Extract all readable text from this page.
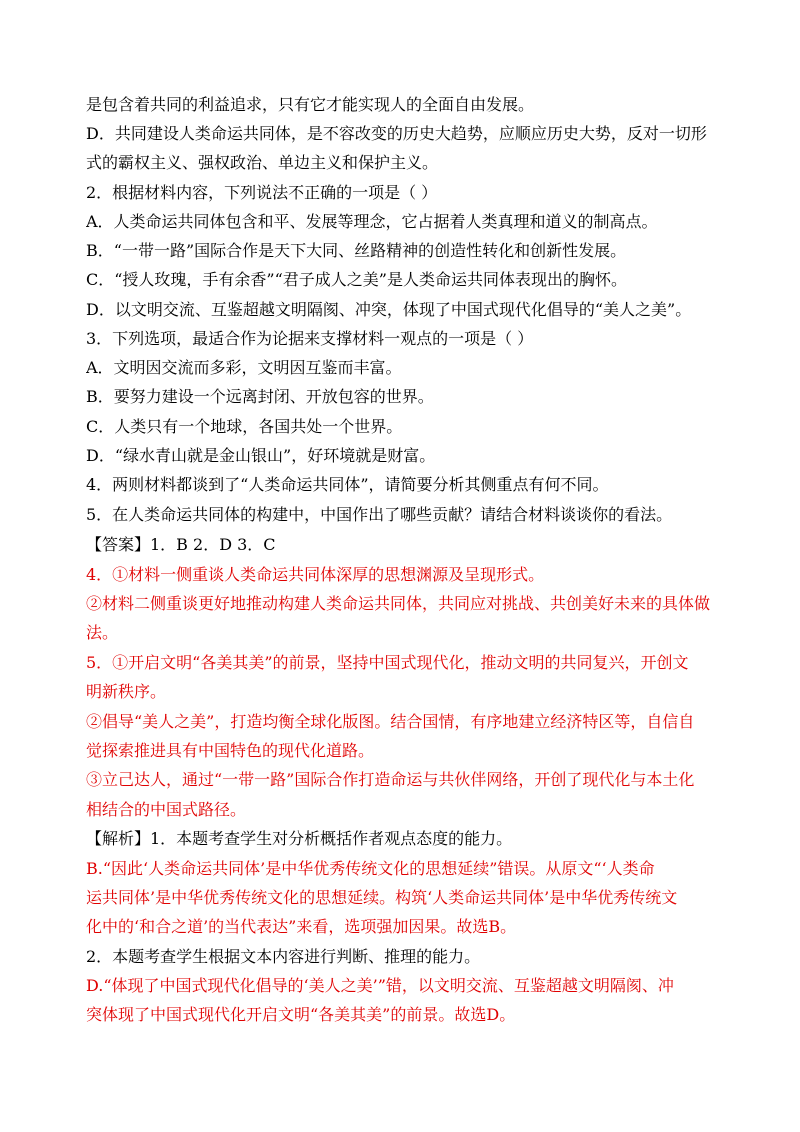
是包含着共同的利益追求，只有它才能实现人的全面自由发展。
D．共同建设人类命运共同体，是不容改变的历史大趋势，应顺应历史大势，反对一切形
式的霸权主义、强权政治、单边主义和保护主义。
2．根据材料内容，下列说法不正确的一项是（ ）
A．人类命运共同体包含和平、发展等理念，它占据着人类真理和道义的制高点。
B．“一带一路”国际合作是天下大同、丝路精神的创造性转化和创新性发展。
C．“授人玫瑰，手有余香”“君子成人之美”是人类命运共同体表现出的胸怀。
D．以文明交流、互鉴超越文明隔阂、冲突，体现了中国式现代化倡导的“美人之美”。
3．下列选项，最适合作为论据来支撑材料一观点的一项是（ ）
A．文明因交流而多彩，文明因互鉴而丰富。
B．要努力建设一个远离封闭、开放包容的世界。
C．人类只有一个地球，各国共处一个世界。
D．“绿水青山就是金山银山”，好环境就是财富。
4．两则材料都谈到了“人类命运共同体”，请简要分析其侧重点有何不同。
5．在人类命运共同体的构建中，中国作出了哪些贡献？请结合材料谈谈你的看法。
【答案】1．B 2．D 3．C
4．①材料一侧重谈人类命运共同体深厚的思想渊源及呈现形式。
②材料二侧重谈更好地推动构建人类命运共同体，共同应对挑战、共创美好未来的具体做
法。
5．①开启文明“各美其美”的前景，坚持中国式现代化，推动文明的共同复兴，开创文
明新秩序。
②倡导“美人之美”，打造均衡全球化版图。结合国情，有序地建立经济特区等，自信自
觉探索推进具有中国特色的现代化道路。
③立己达人，通过“一带一路”国际合作打造命运与共伙伴网络，开创了现代化与本土化
相结合的中国式路径。
【解析】1．本题考查学生对分析概括作者观点态度的能力。
B.“因此‘人类命运共同体’是中华优秀传统文化的思想延续”错误。从原文“‘人类命
运共同体’是中华优秀传统文化的思想延续。构筑‘人类命运共同体’是中华优秀传统文
化中的‘和合之道’的当代表达”来看，选项强加因果。故选B。
2．本题考查学生根据文本内容进行判断、推理的能力。
D.“体现了中国式现代化倡导的‘美人之美’”错，以文明交流、互鉴超越文明隔阂、冲
突体现了中国式现代化开启文明“各美其美”的前景。故选D。
